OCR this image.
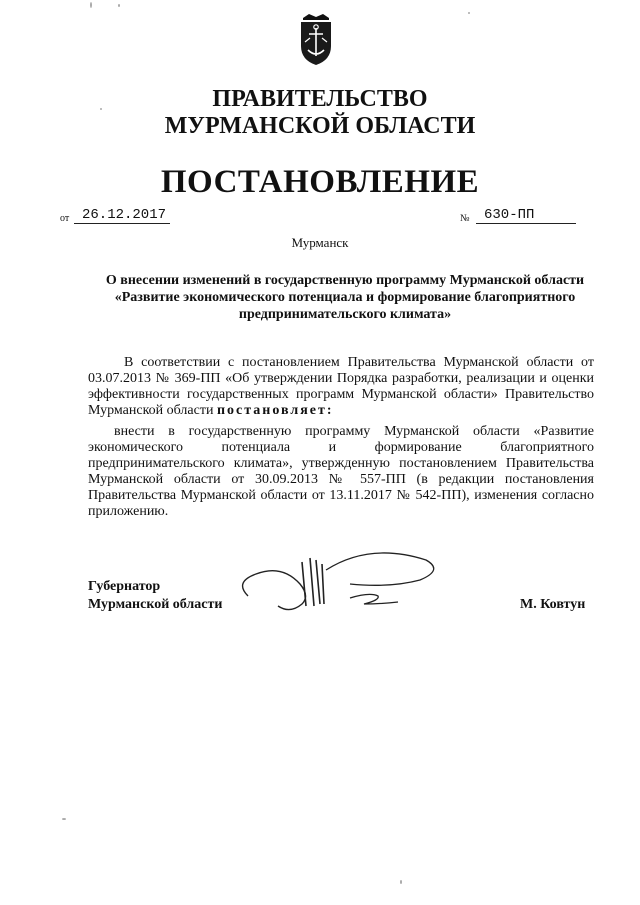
ПРАВИТЕЛЬСТВО
МУРМАНСКОЙ ОБЛАСТИ
ПОСТАНОВЛЕНИЕ
от 26.12.2017	№	630-ПП
Мурманск
О внесении изменений в государственную программу Мурманской области
«Развитие экономического потенциала и формирование благоприятного
предпринимательского климата»
В соответствии с постановлением Правительства Мурманской области от 03.07.2013 № 369-ПП «Об утверждении Порядка разработки, реализации и оценки эффективности государственных программ Мурманской области» Правительство Мурманской области постановляет:
внести в государственную программу Мурманской области «Развитие экономического потенциала и формирование благоприятного предпринимательского климата», утвержденную постановлением Правительства Мурманской области от 30.09.2013 № 557-ПП (в редакции постановления Правительства Мурманской области от 13.11.2017 № 542-ПП), изменения согласно приложению.
Губернатор
Мурманской области	М. Ковтун
